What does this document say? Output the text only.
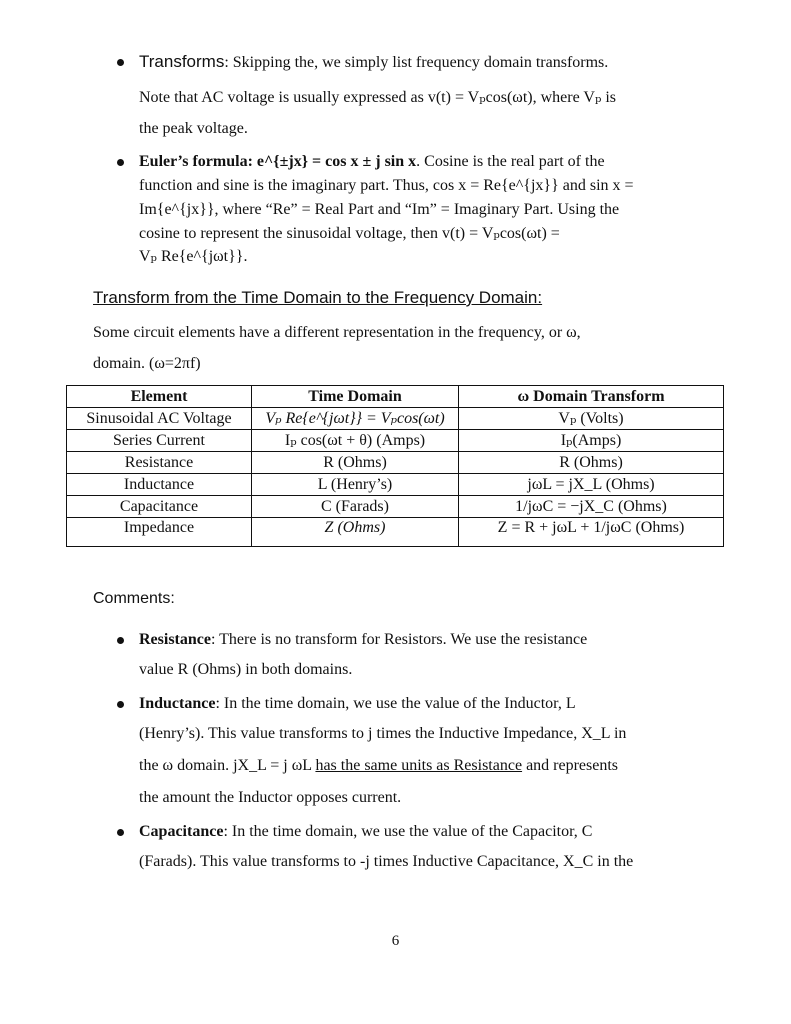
Transforms: Skipping the, we simply list frequency domain transforms.
Note that AC voltage is usually expressed as v(t) = Vₚcos(ωt), where Vₚ is
the peak voltage.
Euler’s formula: e^{±jx} = cos x ± j sin x. Cosine is the real part of the
function and sine is the imaginary part. Thus, cos x = Re{e^{jx}} and sin x =
Im{e^{jx}}, where “Re” = Real Part and “Im” = Imaginary Part. Using the
cosine to represent the sinusoidal voltage, then v(t) = Vₚcos(ωt) =
Vₚ Re{e^{jωt}}.
Transform from the Time Domain to the Frequency Domain:
Some circuit elements have a different representation in the frequency, or ω,
domain. (ω=2πf)
Element	Time Domain	ω Domain Transform
Sinusoidal AC Voltage	Vₚ Re{e^{jωt}} = Vₚcos(ωt)	Vₚ (Volts)
Series Current	Iₚ cos(ωt + θ) (Amps)	Iₚ(Amps)
Resistance	R (Ohms)	R (Ohms)
Inductance	L (Henry’s)	jωL = jX_L (Ohms)
Capacitance	C (Farads)	1/jωC = −jX_C (Ohms)
Impedance	Z (Ohms)	Z = R + jωL + 1/jωC (Ohms)
Comments:
Resistance: There is no transform for Resistors. We use the resistance
value R (Ohms) in both domains.
Inductance: In the time domain, we use the value of the Inductor, L
(Henry’s). This value transforms to j times the Inductive Impedance, X_L in
the ω domain. jX_L = j ωL has the same units as Resistance and represents
the amount the Inductor opposes current.
Capacitance: In the time domain, we use the value of the Capacitor, C
(Farads). This value transforms to -j times Inductive Capacitance, X_C in the
6
